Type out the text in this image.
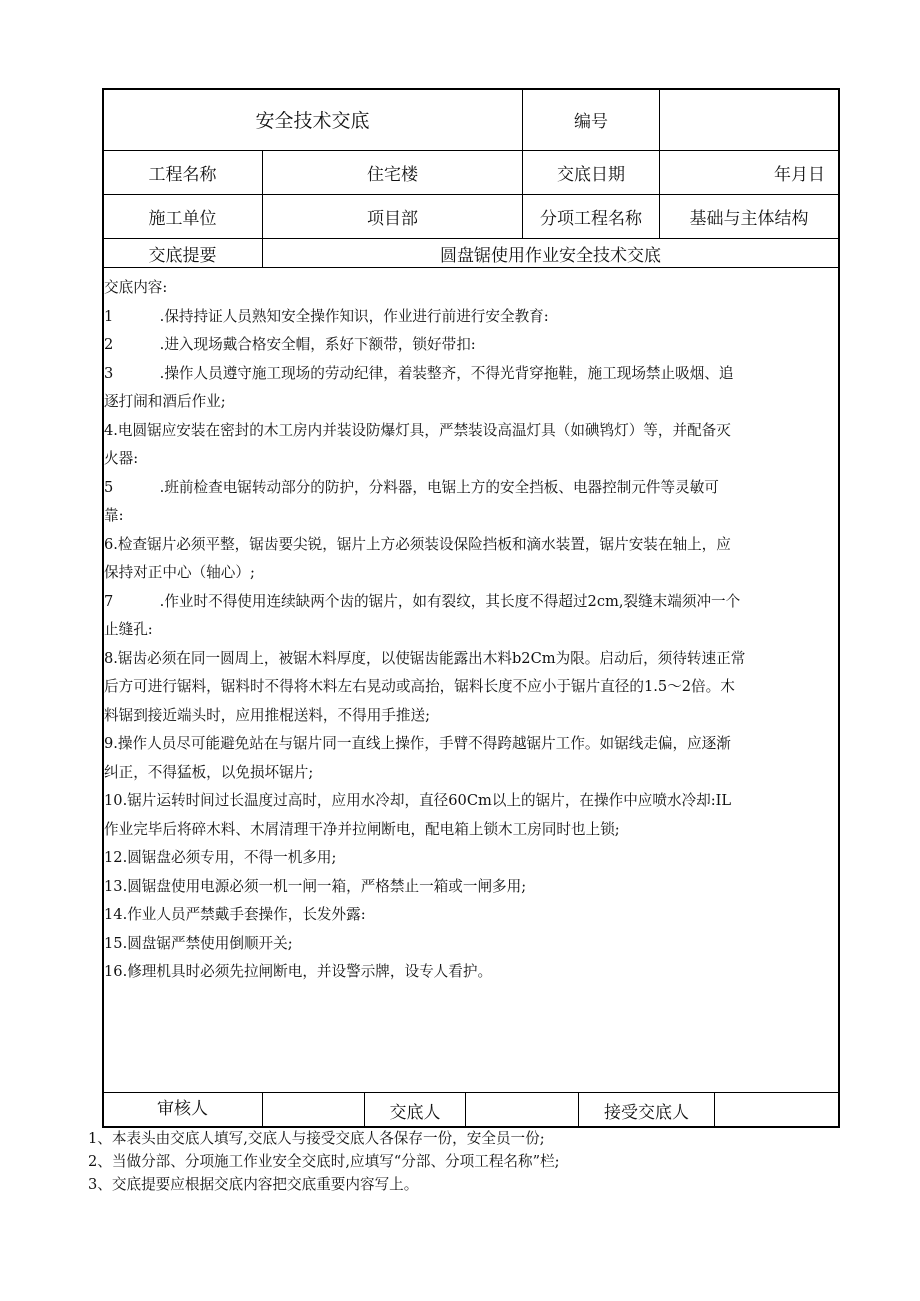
安全技术交底	编号
工程名称	住宅楼	交底日期	年月日
施工单位	项目部	分项工程名称	基础与主体结构
交底提要	圆盘锯使用作业安全技术交底

交底内容:

1          .保持持证人员熟知安全操作知识，作业进行前进行安全教育:

2          .进入现场戴合格安全帽，系好下额带，锁好带扣:

3          .操作人员遵守施工现场的劳动纪律，着装整齐，不得光背穿拖鞋，施工现场禁止吸烟、追

逐打闹和酒后作业;

4.电圆锯应安装在密封的木工房内并装设防爆灯具，严禁装设高温灯具（如碘鸨灯）等，并配备灭

火器:

5          .班前检查电锯转动部分的防护，分料器，电锯上方的安全挡板、电器控制元件等灵敏可

靠:

6.检查锯片必须平整，锯齿要尖锐，锯片上方必须装设保险挡板和滴水装置，锯片安装在轴上，应

保持对正中心（轴心）;

7          .作业时不得使用连续缺两个齿的锯片，如有裂纹，其长度不得超过2cm,裂缝末端须冲一个

止缝孔:

8.锯齿必须在同一圆周上，被锯木料厚度，以使锯齿能露出木料b2Cm为限。启动后，须待转速正常

后方可进行锯料，锯料时不得将木料左右晃动或高抬，锯料长度不应小于锯片直径的1.5～2倍。木

料锯到接近端头时，应用推棍送料，不得用手推送;

9.操作人员尽可能避免站在与锯片同一直线上操作，手臂不得跨越锯片工作。如锯线走偏，应逐渐

纠正，不得猛板，以免损坏锯片;

10.锯片运转时间过长温度过高时，应用水冷却，直径60Cm以上的锯片，在操作中应喷水冷却:IL

作业完毕后将碎木料、木屑清理干净并拉闸断电，配电箱上锁木工房同时也上锁;

12.圆锯盘必须专用，不得一机多用;

13.圆锯盘使用电源必须一机一闸一箱，严格禁止一箱或一闸多用;

14.作业人员严禁戴手套操作，长发外露:

15.圆盘锯严禁使用倒顺开关;

16.修理机具时必须先拉闸断电，并设警示牌，设专人看护。

审核人	交底人	接受交底人

1、本表头由交底人填写,交底人与接受交底人各保存一份，安全员一份;

2、当做分部、分项施工作业安全交底时,应填写“分部、分项工程名称”栏;

3、交底提要应根据交底内容把交底重要内容写上。
